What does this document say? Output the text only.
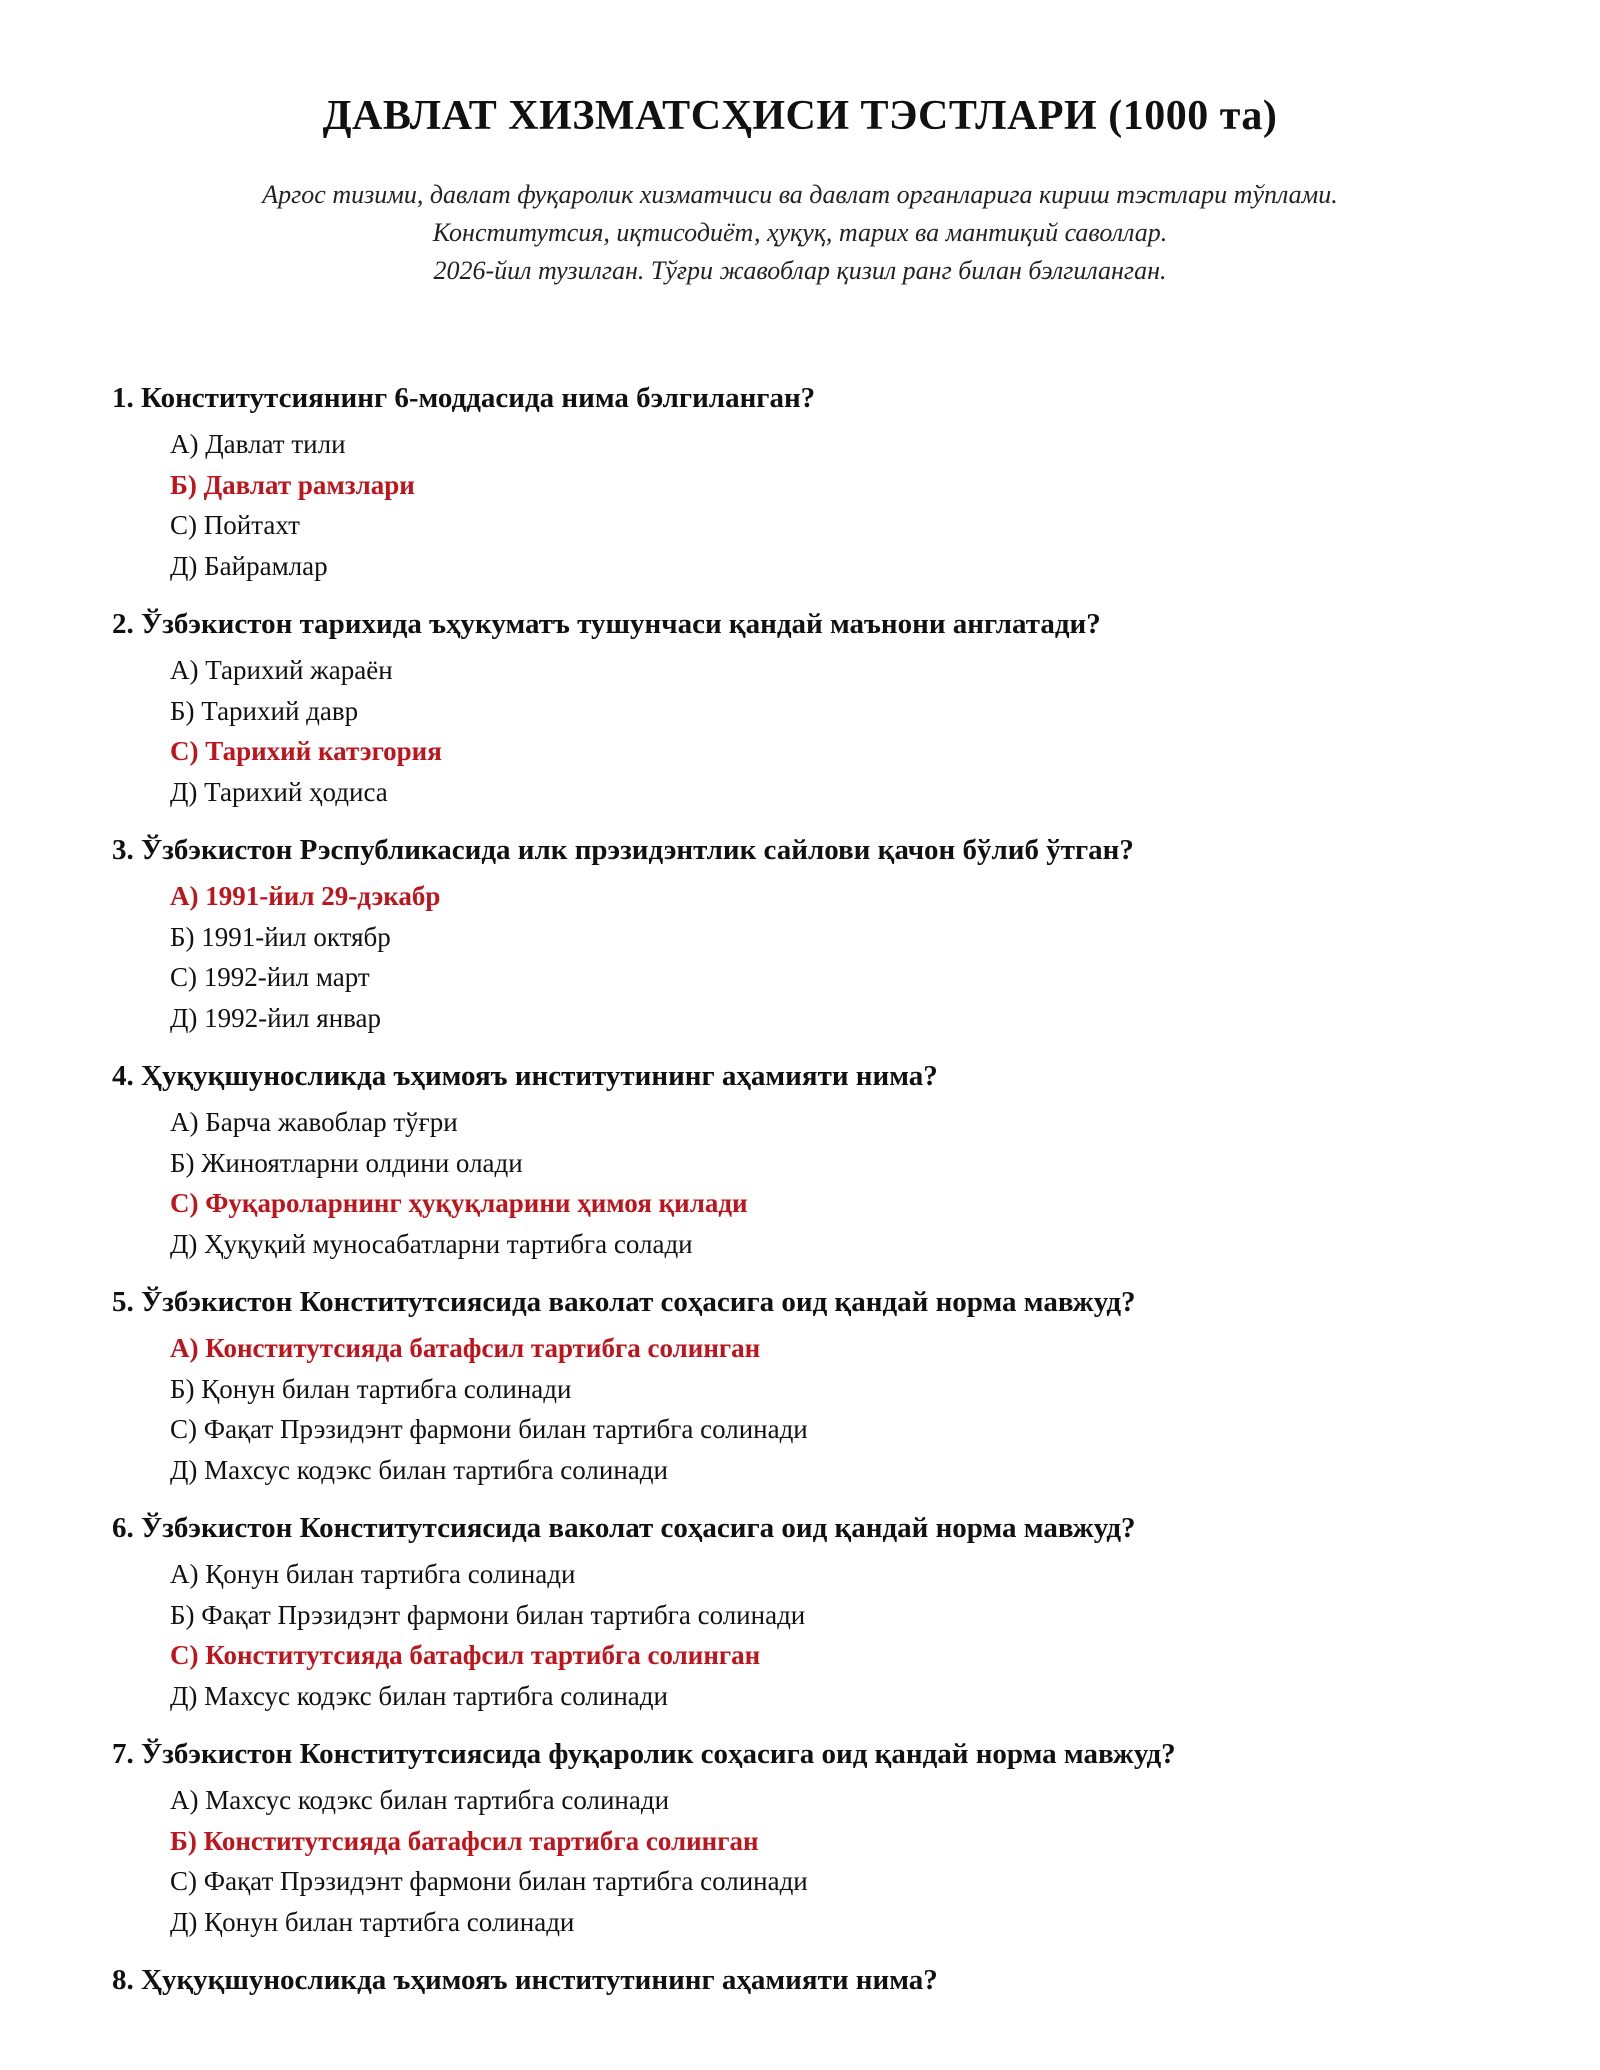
ДАВЛАТ ХИЗМАТСҲИСИ ТЭСТЛАРИ (1000 та)
Аргос тизими, давлат фуқаролик хизматчиси ва давлат органларига кириш тэстлари тўплами.
Конститутсия, иқтисодиёт, ҳуқуқ, тарих ва мантиқий саволлар.
2026-йил тузилган. Тўғри жавоблар қизил ранг билан бэлгиланган.
1. Конститутсиянинг 6-моддасида нима бэлгиланган?
А) Давлат тили
Б) Давлат рамзлари
С) Пойтахт
Д) Байрамлар
2. Ўзбэкистон тарихида ъҳукуматъ тушунчаси қандай маънони англатади?
А) Тарихий жараён
Б) Тарихий давр
С) Тарихий катэгория
Д) Тарихий ҳодиса
3. Ўзбэкистон Рэспубликасида илк прэзидэнтлик сайлови қачон бўлиб ўтган?
А) 1991-йил 29-дэкабр
Б) 1991-йил октябр
С) 1992-йил март
Д) 1992-йил январ
4. Ҳуқуқшуносликда ъҳимояъ институтининг аҳамияти нима?
А) Барча жавоблар тўғри
Б) Жиноятларни олдини олади
С) Фуқароларнинг ҳуқуқларини ҳимоя қилади
Д) Ҳуқуқий муносабатларни тартибга солади
5. Ўзбэкистон Конститутсиясида ваколат соҳасига оид қандай норма мавжуд?
А) Конститутсияда батафсил тартибга солинган
Б) Қонун билан тартибга солинади
С) Фақат Прэзидэнт фармони билан тартибга солинади
Д) Махсус кодэкс билан тартибга солинади
6. Ўзбэкистон Конститутсиясида ваколат соҳасига оид қандай норма мавжуд?
А) Қонун билан тартибга солинади
Б) Фақат Прэзидэнт фармони билан тартибга солинади
С) Конститутсияда батафсил тартибга солинган
Д) Махсус кодэкс билан тартибга солинади
7. Ўзбэкистон Конститутсиясида фуқаролик соҳасига оид қандай норма мавжуд?
А) Махсус кодэкс билан тартибга солинади
Б) Конститутсияда батафсил тартибга солинган
С) Фақат Прэзидэнт фармони билан тартибга солинади
Д) Қонун билан тартибга солинади
8. Ҳуқуқшуносликда ъҳимояъ институтининг аҳамияти нима?
